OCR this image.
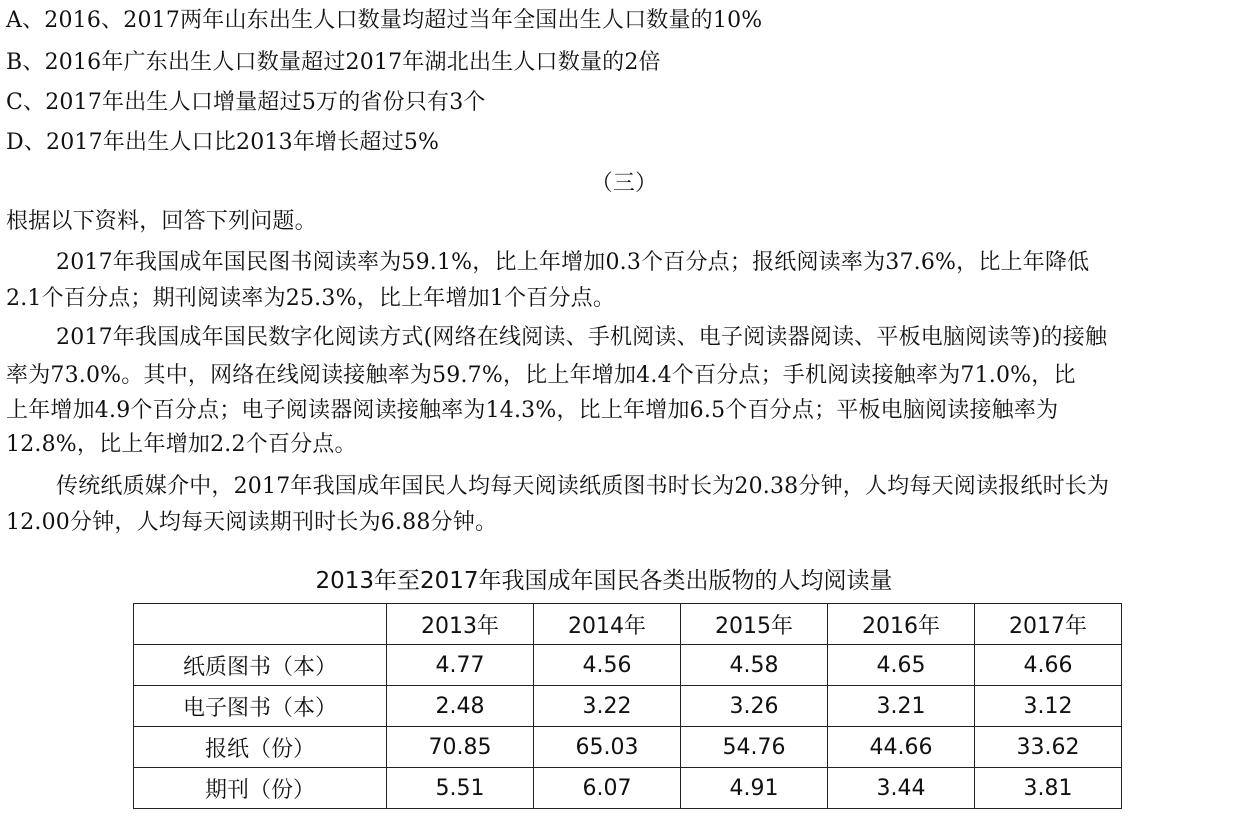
A、2016、2017两年山东出生人口数量均超过当年全国出生人口数量的10%
B、2016年广东出生人口数量超过2017年湖北出生人口数量的2倍
C、2017年出生人口增量超过5万的省份只有3个
D、2017年出生人口比2013年增长超过5%
（三）
根据以下资料，回答下列问题。
2017年我国成年国民图书阅读率为59.1%，比上年增加0.3个百分点；报纸阅读率为37.6%，比上年降低
2.1个百分点；期刊阅读率为25.3%，比上年增加1个百分点。
2017年我国成年国民数字化阅读方式(网络在线阅读、手机阅读、电子阅读器阅读、平板电脑阅读等)的接触
率为73.0%。其中，网络在线阅读接触率为59.7%，比上年增加4.4个百分点；手机阅读接触率为71.0%，比
上年增加4.9个百分点；电子阅读器阅读接触率为14.3%，比上年增加6.5个百分点；平板电脑阅读接触率为
12.8%，比上年增加2.2个百分点。
传统纸质媒介中，2017年我国成年国民人均每天阅读纸质图书时长为20.38分钟，人均每天阅读报纸时长为
12.00分钟，人均每天阅读期刊时长为6.88分钟。
2013年至2017年我国成年国民各类出版物的人均阅读量
	2013年	2014年	2015年	2016年	2017年
纸质图书（本）	4.77	4.56	4.58	4.65	4.66
电子图书（本）	2.48	3.22	3.26	3.21	3.12
报纸（份）	70.85	65.03	54.76	44.66	33.62
期刊（份）	5.51	6.07	4.91	3.44	3.81
